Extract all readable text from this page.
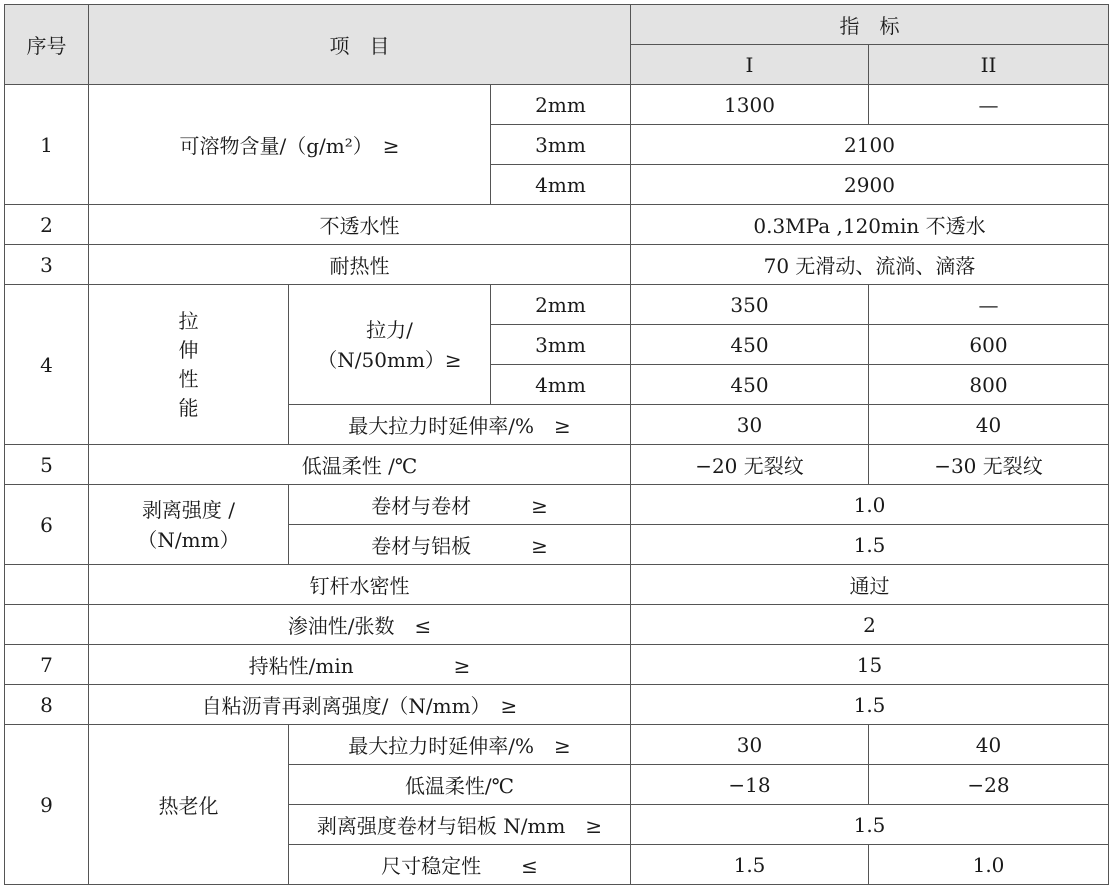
序号	项　目			指　标	
				I	II
1	可溶物含量/（g/m²）　≥		2mm	1300	—
			3mm	2100	
			4mm	2900	
2	不透水性			0.3MPa ,120min 不透水	
3	耐热性			70 无滑动、流淌、滴落	
4	拉
伸
性
能	拉力/
（N/50mm）≥	2mm	350	—
			3mm	450	600
			4mm	450	800
		最大拉力时延伸率/%　≥		30	40
5	低温柔性 /℃			−20 无裂纹	−30 无裂纹
6	剥离强度 /
（N/mm）	卷材与卷材　　　≥		1.0	
		卷材与铝板　　　≥		1.5	
	钉杆水密性			通过	
	渗油性/张数　≤			2	
7	持粘性/min　　　　　≥			15	
8	自粘沥青再剥离强度/（N/mm）　≥			1.5	
9	热老化	最大拉力时延伸率/%　≥		30	40
		低温柔性/℃		−18	−28
		剥离强度卷材与铝板 N/mm　≥		1.5	
		尺寸稳定性　　≤		1.5	1.0
